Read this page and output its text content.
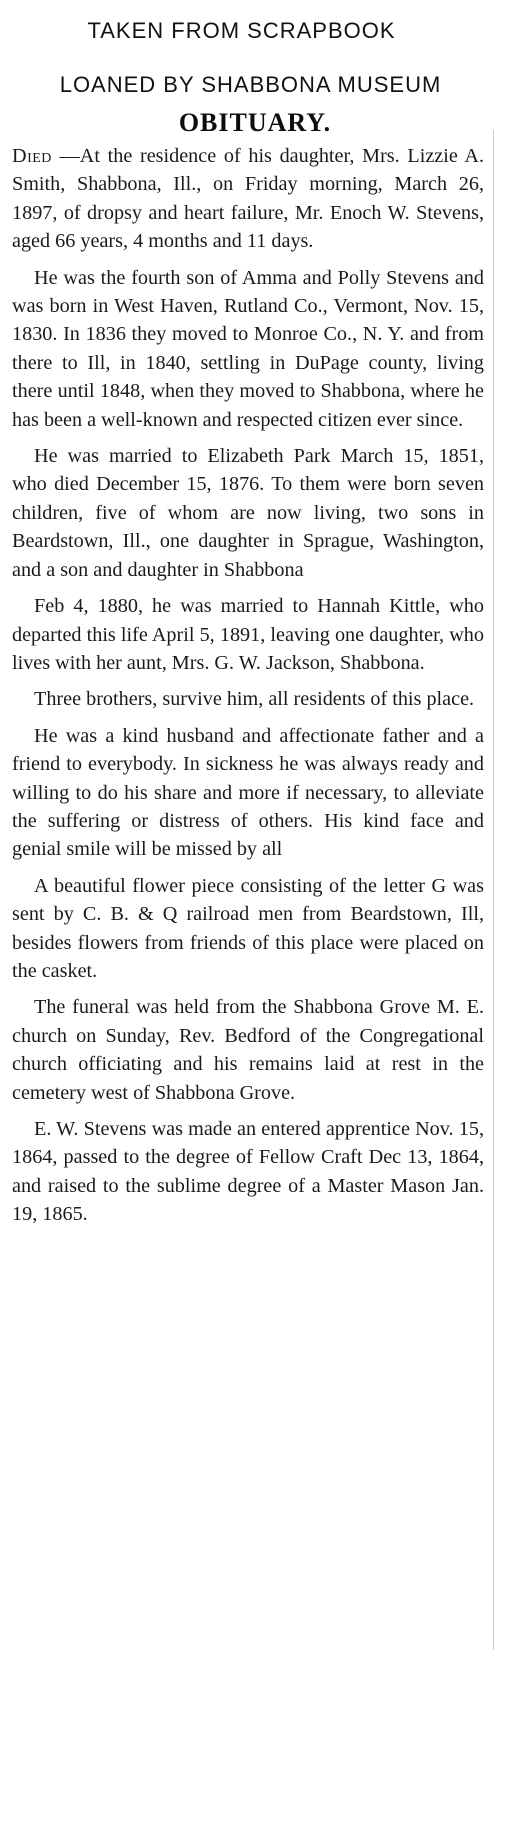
TAKEN FROM SCRAPBOOK
LOANED BY SHABBONA MUSEUM
OBITUARY.

Died —At the residence of his daughter, Mrs. Lizzie A. Smith, Shabbona, Ill., on Friday morning, March 26, 1897, of dropsy and heart failure, Mr. Enoch W. Stevens, aged 66 years, 4 months and 11 days.

He was the fourth son of Amma and Polly Stevens and was born in West Haven, Rutland Co., Vermont, Nov. 15, 1830. In 1836 they moved to Monroe Co., N. Y. and from there to Ill, in 1840, settling in DuPage county, living there until 1848, when they moved to Shabbona, where he has been a well-known and respected citizen ever since.

He was married to Elizabeth Park March 15, 1851, who died December 15, 1876. To them were born seven children, five of whom are now living, two sons in Beardstown, Ill., one daughter in Sprague, Washington, and a son and daughter in Shabbona

Feb 4, 1880, he was married to Hannah Kittle, who departed this life April 5, 1891, leaving one daughter, who lives with her aunt, Mrs. G. W. Jackson, Shabbona.

Three brothers, survive him, all residents of this place.

He was a kind husband and affectionate father and a friend to everybody. In sickness he was always ready and willing to do his share and more if necessary, to alleviate the suffering or distress of others. His kind face and genial smile will be missed by all

A beautiful flower piece consisting of the letter G was sent by C. B. & Q railroad men from Beardstown, Ill, besides flowers from friends of this place were placed on the casket.

The funeral was held from the Shabbona Grove M. E. church on Sunday, Rev. Bedford of the Congregational church officiating and his remains laid at rest in the cemetery west of Shabbona Grove.

E. W. Stevens was made an entered apprentice Nov. 15, 1864, passed to the degree of Fellow Craft Dec 13, 1864, and raised to the sublime degree of a Master Mason Jan. 19, 1865.
